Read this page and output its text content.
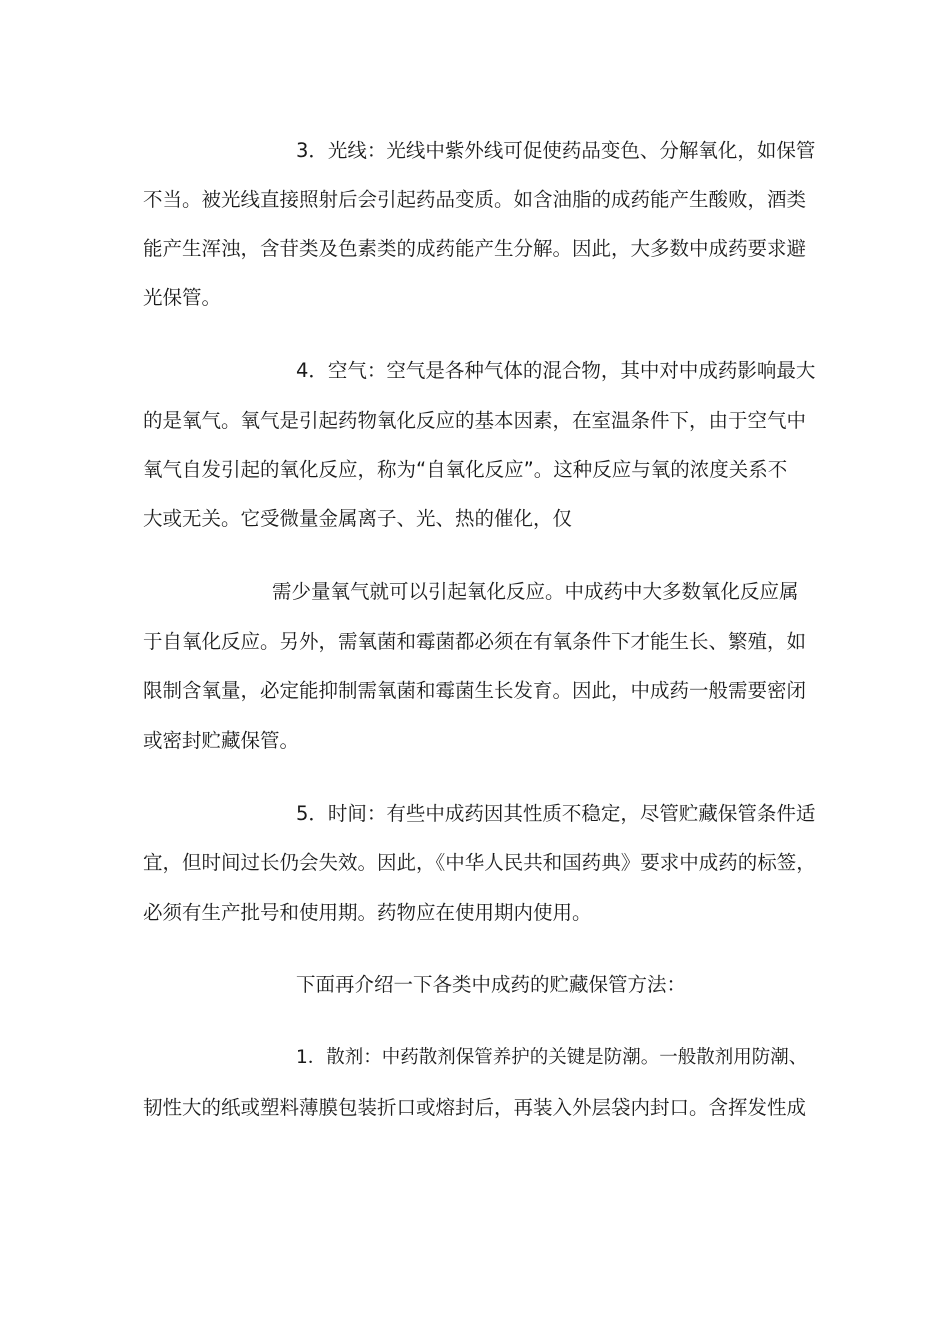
3．光线：光线中紫外线可促使药品变色、分解氧化，如保管
不当。被光线直接照射后会引起药品变质。如含油脂的成药能产生酸败，酒类
能产生浑浊，含苷类及色素类的成药能产生分解。因此，大多数中成药要求避
光保管。
4．空气：空气是各种气体的混合物，其中对中成药影响最大
的是氧气。氧气是引起药物氧化反应的基本因素，在室温条件下，由于空气中
氧气自发引起的氧化反应，称为“自氧化反应”。这种反应与氧的浓度关系不
大或无关。它受微量金属离子、光、热的催化，仅
需少量氧气就可以引起氧化反应。中成药中大多数氧化反应属
于自氧化反应。另外，需氧菌和霉菌都必须在有氧条件下才能生长、繁殖，如
限制含氧量，必定能抑制需氧菌和霉菌生长发育。因此，中成药一般需要密闭
或密封贮藏保管。
5．时间：有些中成药因其性质不稳定，尽管贮藏保管条件适
宜，但时间过长仍会失效。因此，《中华人民共和国药典》要求中成药的标签，
必须有生产批号和使用期。药物应在使用期内使用。
下面再介绍一下各类中成药的贮藏保管方法：
1．散剂：中药散剂保管养护的关键是防潮。一般散剂用防潮、
韧性大的纸或塑料薄膜包装折口或熔封后，再装入外层袋内封口。含挥发性成
